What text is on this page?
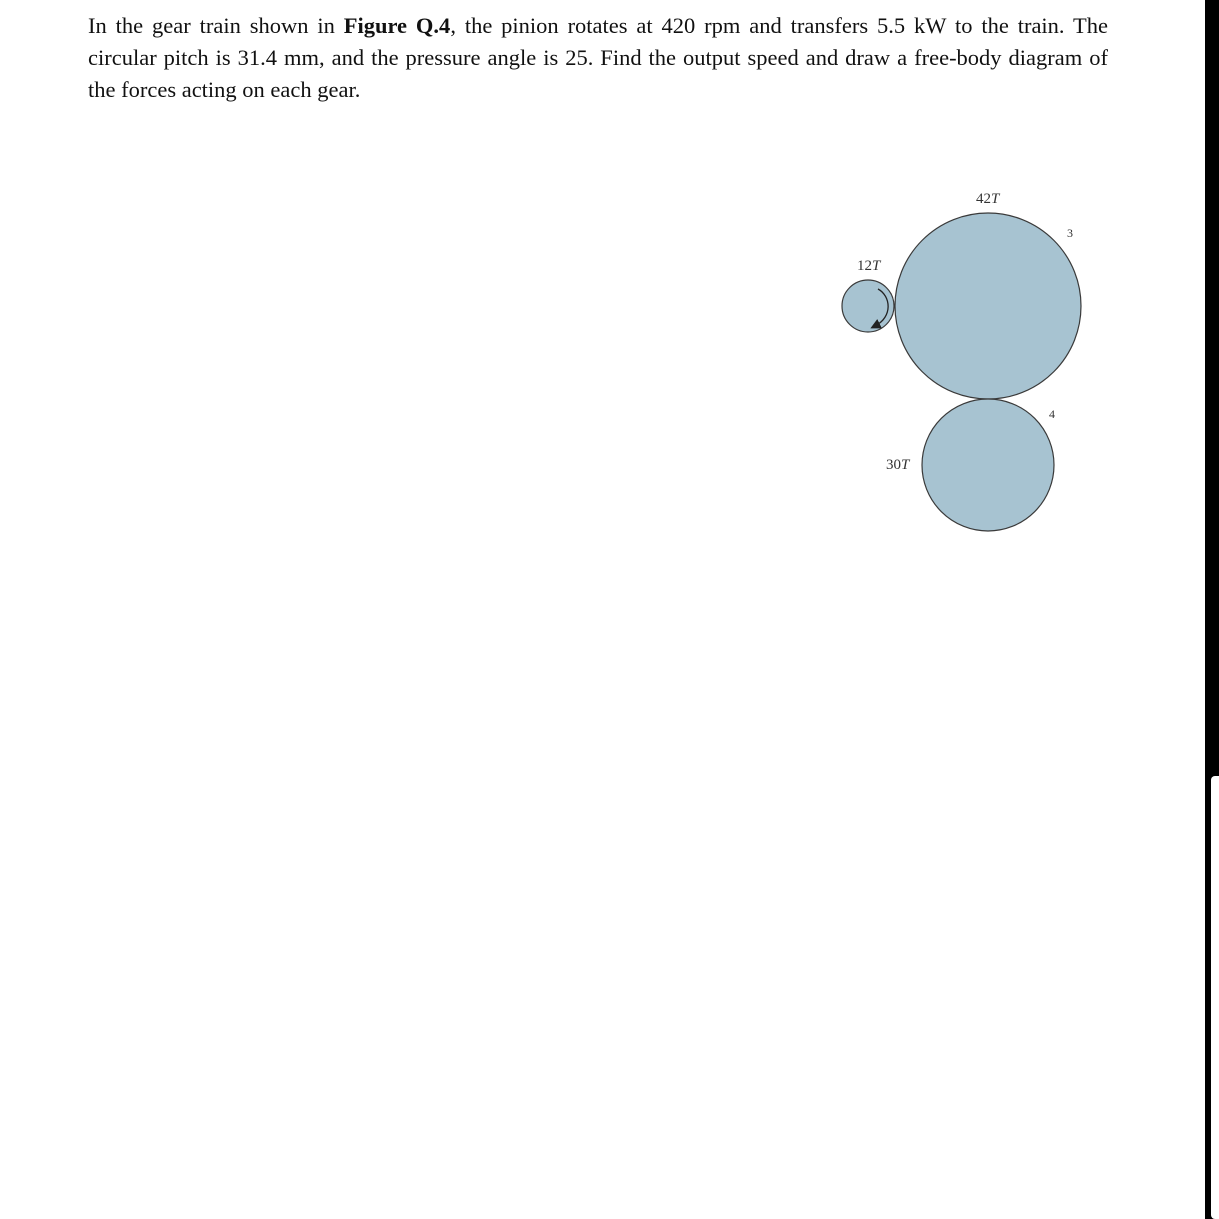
In the gear train shown in Figure Q.4, the pinion rotates at 420 rpm and transfers 5.5 kW to the train. The circular pitch is 31.4 mm, and the pressure angle is 25. Find the output speed and draw a free-body diagram of the forces acting on each gear.

12T
42T
3
30T
4
